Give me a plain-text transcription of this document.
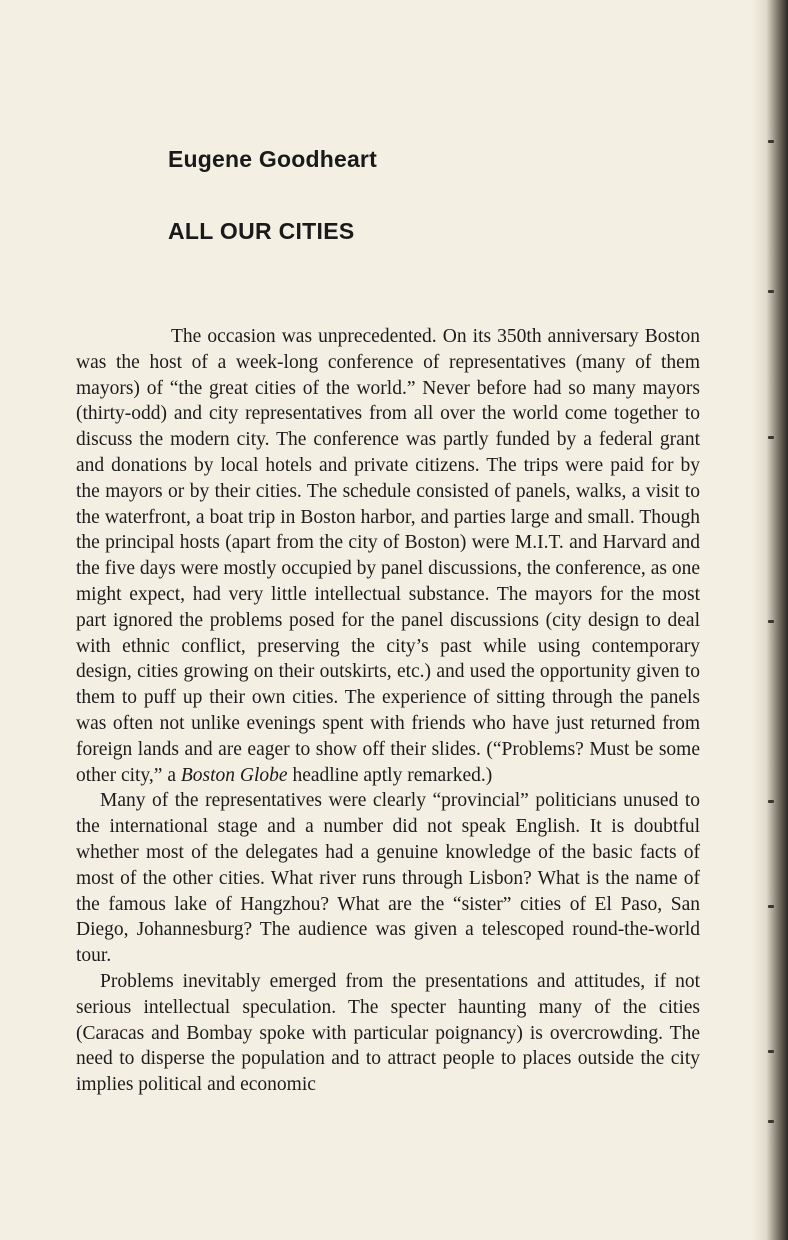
Eugene Goodheart
ALL OUR CITIES

The occasion was unprecedented. On its 350th anniversary Boston was the host of a week-long conference of representatives (many of them mayors) of “the great cities of the world.” Never before had so many mayors (thirty-odd) and city representatives from all over the world come together to discuss the modern city. The conference was partly funded by a federal grant and donations by local hotels and private citizens. The trips were paid for by the mayors or by their cities. The schedule consisted of panels, walks, a visit to the waterfront, a boat trip in Boston harbor, and parties large and small. Though the principal hosts (apart from the city of Boston) were M.I.T. and Harvard and the five days were mostly occupied by panel discussions, the conference, as one might expect, had very little intellectual substance. The mayors for the most part ignored the problems posed for the panel discussions (city design to deal with ethnic conflict, preserving the city’s past while using contemporary design, cities growing on their outskirts, etc.) and used the opportunity given to them to puff up their own cities. The experience of sitting through the panels was often not unlike evenings spent with friends who have just returned from foreign lands and are eager to show off their slides. (“Problems? Must be some other city,” a Boston Globe headline aptly remarked.)

Many of the representatives were clearly “provincial” politicians unused to the international stage and a number did not speak English. It is doubtful whether most of the delegates had a genuine knowledge of the basic facts of most of the other cities. What river runs through Lisbon? What is the name of the famous lake of Hangzhou? What are the “sister” cities of El Paso, San Diego, Johannesburg? The audience was given a telescoped round-the-world tour.

Problems inevitably emerged from the presentations and attitudes, if not serious intellectual speculation. The specter haunting many of the cities (Caracas and Bombay spoke with particular poignancy) is overcrowding. The need to disperse the population and to attract people to places outside the city implies political and economic
